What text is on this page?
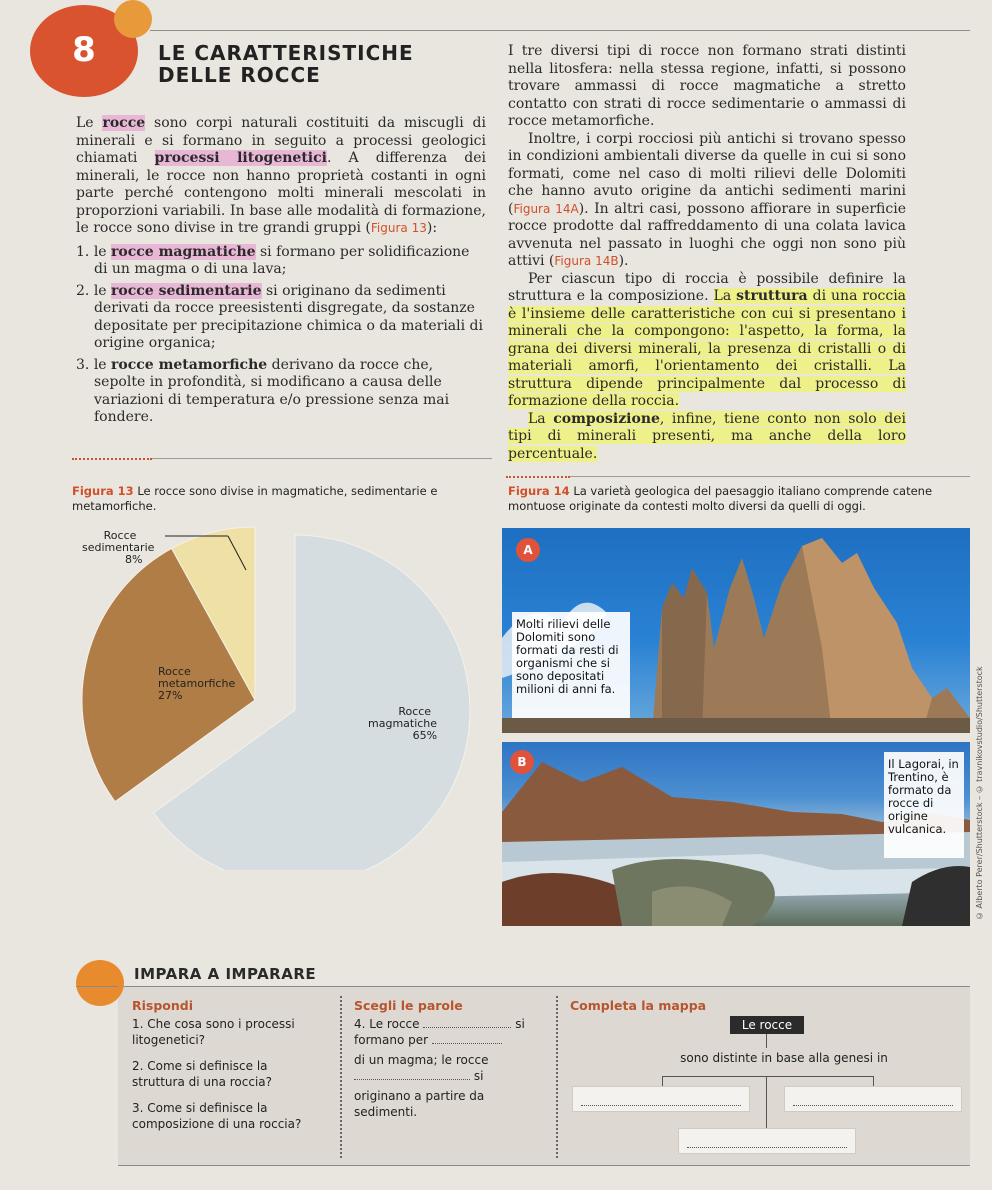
8	LE CARATTERISTICHE
DELLE ROCCE

Le rocce sono corpi naturali costituiti da miscugli di minerali e si formano in seguito a processi geologici chiamati processi litogenetici. A differenza dei minerali, le rocce non hanno proprietà costanti in ogni parte perché contengono molti minerali mescolati in proporzioni variabili. In base alle modalità di formazione, le rocce sono divise in tre grandi gruppi (Figura 13):

1. le rocce magmatiche si formano per solidificazione di un magma o di una lava;
2. le rocce sedimentarie si originano da sedimenti derivati da rocce preesistenti disgregate, da sostanze depositate per precipitazione chimica o da materiali di origine organica;
3. le rocce metamorfiche derivano da rocce che, sepolte in profondità, si modificano a causa delle variazioni di temperatura e/o pressione senza mai fondere.

I tre diversi tipi di rocce non formano strati distinti nella litosfera: nella stessa regione, infatti, si possono trovare ammassi di rocce magmatiche a stretto contatto con strati di rocce sedimentarie o ammassi di rocce metamorfiche.

Inoltre, i corpi rocciosi più antichi si trovano spesso in condizioni ambientali diverse da quelle in cui si sono formati, come nel caso di molti rilievi delle Dolomiti che hanno avuto origine da antichi sedimenti marini (Figura 14A). In altri casi, possono affiorare in superficie rocce prodotte dal raffreddamento di una colata lavica avvenuta nel passato in luoghi che oggi non sono più attivi (Figura 14B).

Per ciascun tipo di roccia è possibile definire la struttura e la composizione. La struttura di una roccia è l'insieme delle caratteristiche con cui si presentano i minerali che la compongono: l'aspetto, la forma, la grana dei diversi minerali, la presenza di cristalli o di materiali amorfi, l'orientamento dei cristalli. La struttura dipende principalmente dal processo di formazione della roccia.

La composizione, infine, tiene conto non solo dei tipi di minerali presenti, ma anche della loro percentuale.

Figura 13 Le rocce sono divise in magmatiche, sedimentarie e metamorfiche.
Rocce
sedimentarie
8%
Rocce
metamorfiche
27%
Rocce
magmatiche
65%
Figura 14 La varietà geologica del paesaggio italiano comprende catene montuose originate da contesti molto diversi da quelli di oggi.
A
Molti rilievi delle Dolomiti sono formati da resti di organismi che si sono depositati milioni di anni fa.
B	Il Lagorai, in Trentino, è formato da rocce di origine vulcanica.	© Alberto Perer/Shutterstock – © travnikovstudio/Shutterstock
IMPARA A IMPARARE
Rispondi
1. Che cosa sono i processi litogenetici?
2. Come si definisce la struttura di una roccia?
3. Come si definisce la composizione di una roccia?
Scegli le parole
4. Le rocce	si
formano per
di un magma; le rocce
si
originano a partire da
sedimenti.
Completa la mappa
Le rocce
sono distinte in base alla genesi in
